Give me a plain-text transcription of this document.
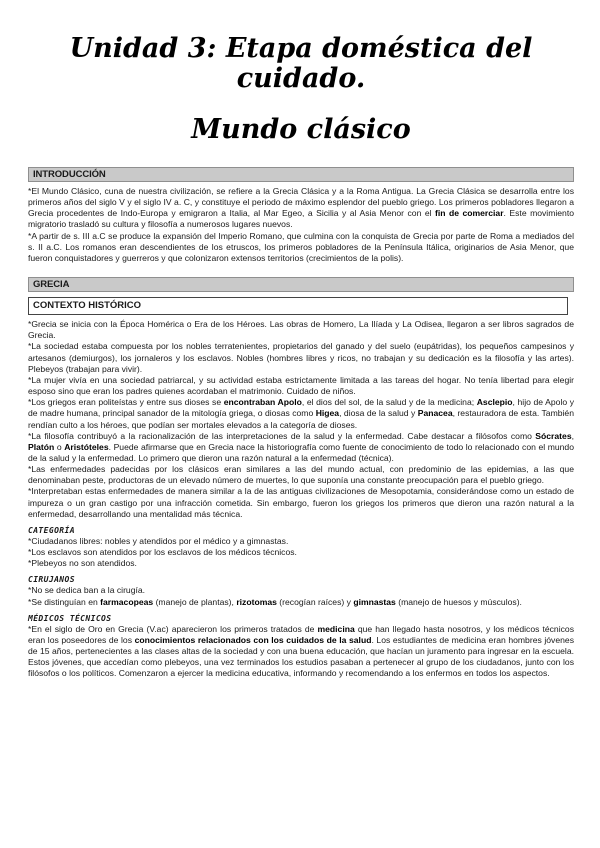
Unidad 3: Etapa doméstica del cuidado.
Mundo clásico
INTRODUCCIÓN

*El Mundo Clásico, cuna de nuestra civilización, se refiere a la Grecia Clásica y a la Roma Antigua. La Grecia Clásica se desarrolla entre los primeros años del siglo V y el siglo IV a. C, y constituye el periodo de máximo esplendor del pueblo griego. Los primeros pobladores llegaron a Grecia procedentes de Indo-Europa y emigraron a Italia, al Mar Egeo, a Sicilia y al Asia Menor con el fin de comerciar. Este movimiento migratorio trasladó su cultura y filosofía a numerosos lugares nuevos.

*A partir de s. III a.C se produce la expansión del Imperio Romano, que culmina con la conquista de Grecia por parte de Roma a mediados del s. II a.C. Los romanos eran descendientes de los etruscos, los primeros pobladores de la Península Itálica, originarios de Asia Menor, que fueron conquistadores y guerreros y que colonizaron extensos territorios (crecimientos de la polis).

GRECIA
CONTEXTO HISTÓRICO

*Grecia se inicia con la Época Homérica o Era de los Héroes. Las obras de Homero, La Ilíada y La Odisea, llegaron a ser libros sagrados de Grecia.

*La sociedad estaba compuesta por los nobles terratenientes, propietarios del ganado y del suelo (eupátridas), los pequeños campesinos y artesanos (demiurgos), los jornaleros y los esclavos. Nobles (hombres libres y ricos, no trabajan y su dedicación es la filosofía y las artes). Plebeyos (trabajan para vivir).

*La mujer vivía en una sociedad patriarcal, y su actividad estaba estrictamente limitada a las tareas del hogar. No tenía libertad para elegir esposo sino que eran los padres quienes acordaban el matrimonio. Cuidado de niños.

*Los griegos eran politeístas y entre sus dioses se encontraban Apolo, el dios del sol, de la salud y de la medicina; Asclepio, hijo de Apolo y de madre humana, principal sanador de la mitología griega, o diosas como Higea, diosa de la salud y Panacea, restauradora de esta. También rendían culto a los héroes, que podían ser mortales elevados a la categoría de dioses.

*La filosofía contribuyó a la racionalización de las interpretaciones de la salud y la enfermedad. Cabe destacar a filósofos como Sócrates, Platón o Aristóteles. Puede afirmarse que en Grecia nace la historiografía como fuente de conocimiento de todo lo relacionado con el mundo de la salud y la enfermedad. Lo primero que dieron una razón natural a la enfermedad (técnica).

*Las enfermedades padecidas por los clásicos eran similares a las del mundo actual, con predominio de las epidemias, a las que denominaban peste, productoras de un elevado número de muertes, lo que suponía una constante preocupación para el pueblo griego.

*Interpretaban estas enfermedades de manera similar a la de las antiguas civilizaciones de Mesopotamia, considerándose como un estado de impureza o un gran castigo por una infracción cometida. Sin embargo, fueron los griegos los primeros que dieron una razón natural a la enfermedad, desarrollando una mentalidad más técnica.

CATEGORÍA

*Ciudadanos libres: nobles y atendidos por el médico y a gimnastas.

*Los esclavos son atendidos por los esclavos de los médicos técnicos.

*Plebeyos no son atendidos.

CIRUJANOS

*No se dedica ban a la cirugía.

*Se distinguían en farmacopeas (manejo de plantas), rizotomas (recogían raíces) y gimnastas (manejo de huesos y músculos).

MÉDICOS TÉCNICOS

*En el siglo de Oro en Grecia (V.ac) aparecieron los primeros tratados de medicina que han llegado hasta nosotros, y los médicos técnicos eran los poseedores de los conocimientos relacionados con los cuidados de la salud. Los estudiantes de medicina eran hombres jóvenes de 15 años, pertenecientes a las clases altas de la sociedad y con una buena educación, que hacían un juramento para ingresar en la escuela. Estos jóvenes, que accedían como plebeyos, una vez terminados los estudios pasaban a pertenecer al grupo de los ciudadanos, junto con los filósofos o los políticos. Comenzaron a ejercer la medicina educativa, informando y recomendando a los enfermos en todos los aspectos.
